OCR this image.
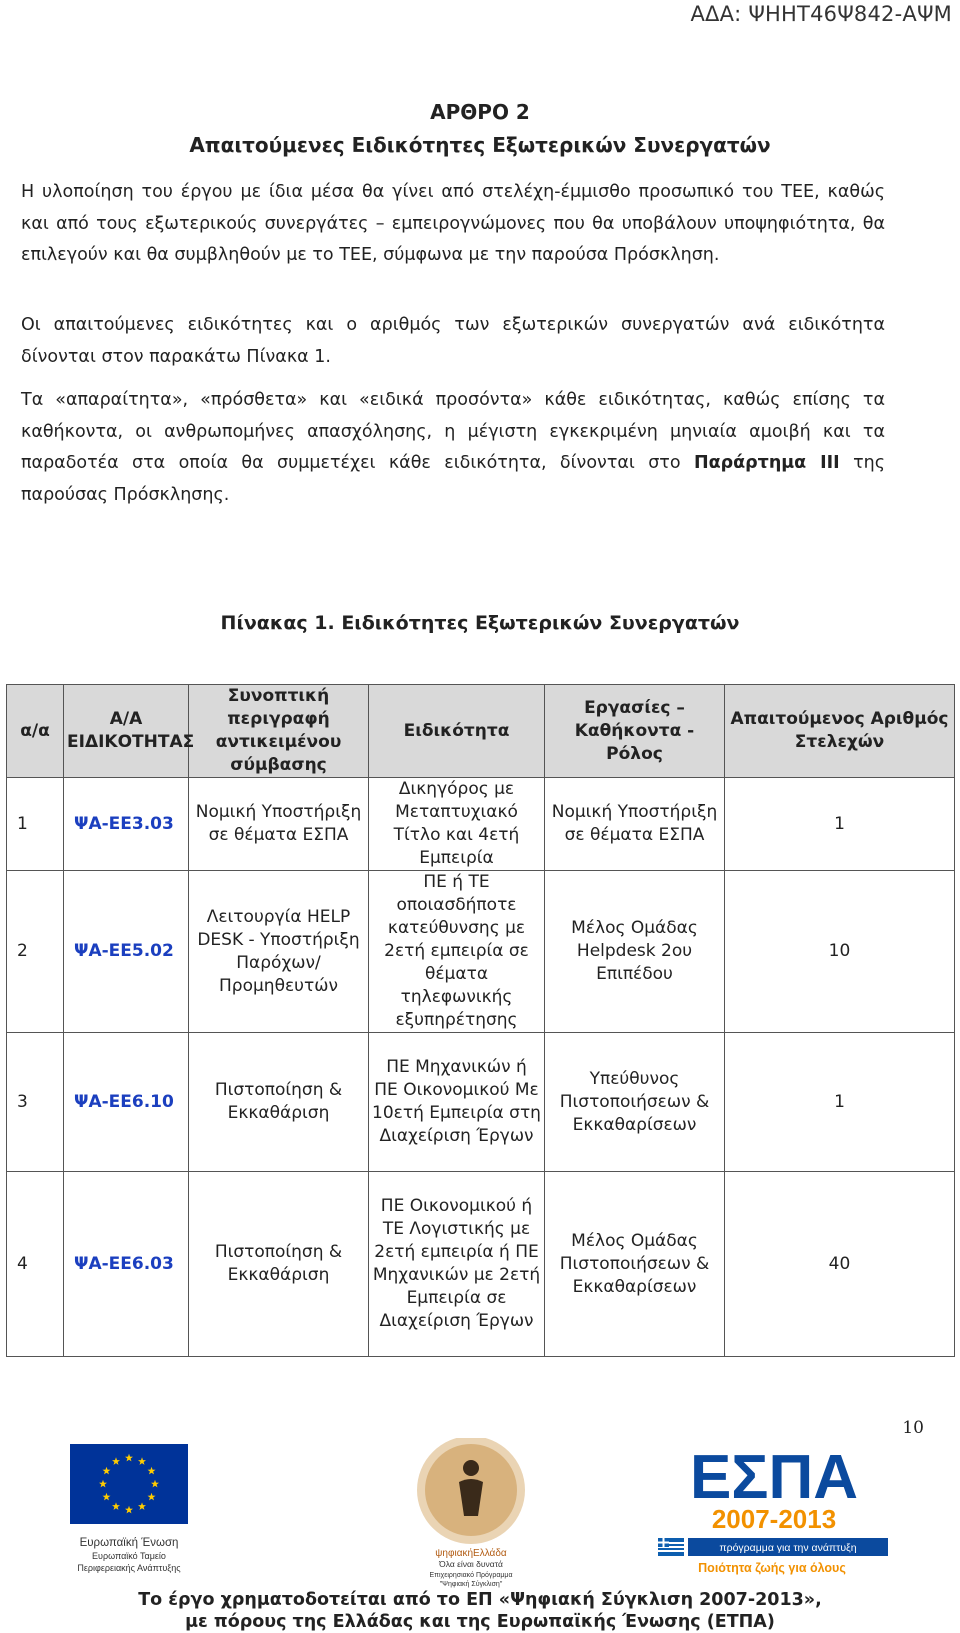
ΑΔΑ: ΨΗΗΤ46Ψ842-ΑΨΜ
ΑΡΘΡΟ 2
Απαιτούμενες Ειδικότητες Εξωτερικών Συνεργατών

Η υλοποίηση του έργου με ίδια μέσα θα γίνει από στελέχη-έμμισθο προσωπικό του ΤΕΕ, καθώς και από τους εξωτερικούς συνεργάτες – εμπειρογνώμονες που θα υποβάλουν υποψηφιότητα, θα επιλεγούν και θα συμβληθούν με το ΤΕΕ, σύμφωνα με την παρούσα Πρόσκληση.

Οι απαιτούμενες ειδικότητες και ο αριθμός των εξωτερικών συνεργατών ανά ειδικότητα δίνονται στον παρακάτω Πίνακα 1.

Τα «απαραίτητα», «πρόσθετα» και «ειδικά προσόντα» κάθε ειδικότητας, καθώς επίσης τα καθήκοντα, οι ανθρωπομήνες απασχόλησης, η μέγιστη εγκεκριμένη μηνιαία αμοιβή και τα παραδοτέα στα οποία θα συμμετέχει κάθε ειδικότητα, δίνονται στο Παράρτημα ΙΙΙ της παρούσας Πρόσκλησης.

Πίνακας 1. Ειδικότητες Εξωτερικών Συνεργατών
α/α	Α/Α ΕΙΔΙΚΟΤΗΤΑΣ	Συνοπτική περιγραφή αντικειμένου σύμβασης	Ειδικότητα	Εργασίες – Καθήκοντα - Ρόλος	Απαιτούμενος Αριθμός Στελεχών
1	ΨΑ-ΕΕ3.03	Νομική Υποστήριξη σε θέματα ΕΣΠΑ	Δικηγόρος με Μεταπτυχιακό Τίτλο και 4ετή Εμπειρία	Νομική Υποστήριξη σε θέματα ΕΣΠΑ	1
2	ΨΑ-ΕΕ5.02	Λειτουργία HELP DESK - Υποστήριξη Παρόχων/Προμηθευτών	ΠΕ ή ΤΕ οποιασδήποτε κατεύθυνσης με 2ετή εμπειρία σε θέματα τηλεφωνικής εξυπηρέτησης	Μέλος Ομάδας Helpdesk 2ου Επιπέδου	10
3	ΨΑ-ΕΕ6.10	Πιστοποίηση & Εκκαθάριση	ΠΕ Μηχανικών ή ΠΕ Οικονομικού Με 10ετή Εμπειρία στη Διαχείριση Έργων	Υπεύθυνος Πιστοποιήσεων & Εκκαθαρίσεων	1
4	ΨΑ-ΕΕ6.03	Πιστοποίηση & Εκκαθάριση	ΠΕ Οικονομικού ή ΤΕ Λογιστικής με 2ετή εμπειρία ή ΠΕ Μηχανικών με 2ετή Εμπειρία σε Διαχείριση Έργων	Μέλος Ομάδας Πιστοποιήσεων & Εκκαθαρίσεων	40
10
Ευρωπαϊκή Ένωση
Ευρωπαϊκό Ταμείο
Περιφερειακής Ανάπτυξης
ψηφιακήΕλλάδα
Όλα είναι δυνατά
Επιχειρησιακό Πρόγραμμα
"Ψηφιακή Σύγκλιση"
ΕΣΠΑ
2007-2013
πρόγραμμα για την ανάπτυξη
Ποιότητα ζωής για όλους
Το έργο χρηματοδοτείται από το ΕΠ «Ψηφιακή Σύγκλιση 2007-2013»,
με πόρους της Ελλάδας και της Ευρωπαϊκής Ένωσης (ΕΤΠΑ)
